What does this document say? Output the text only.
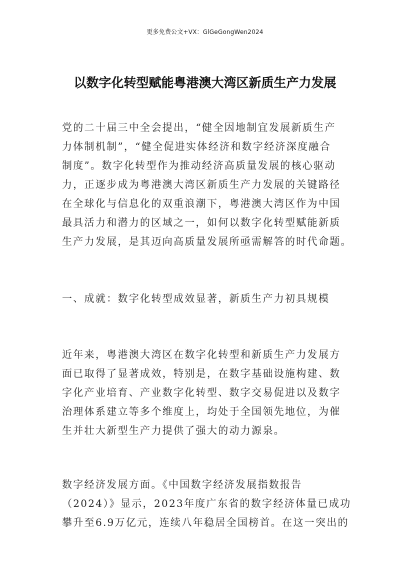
更多免费公文+VX：GlGeGongWen2024
以数字化转型赋能粤港澳大湾区新质生产力发展
党的二十届三中全会提出，“健全因地制宜发展新质生产
力体制机制”，“健全促进实体经济和数字经济深度融合
制度”。数字化转型作为推动经济高质量发展的核心驱动
力，正逐步成为粤港澳大湾区新质生产力发展的关键路径
在全球化与信息化的双重浪潮下，粤港澳大湾区作为中国
最具活力和潜力的区域之一，如何以数字化转型赋能新质
生产力发展，是其迈向高质量发展所亟需解答的时代命题。
一、成就：数字化转型成效显著，新质生产力初具规模
近年来，粤港澳大湾区在数字化转型和新质生产力发展方
面已取得了显著成效，特别是，在数字基础设施构建、数
字化产业培育、产业数字化转型、数字交易促进以及数字
治理体系建立等多个维度上，均处于全国领先地位，为催
生并壮大新型生产力提供了强大的动力源泉。
数字经济发展方面。《中国数字经济发展指数报告
（2024）》显示，2023年度广东省的数字经济体量已成功
攀升至6.9万亿元，连续八年稳居全国榜首。在这一突出的
